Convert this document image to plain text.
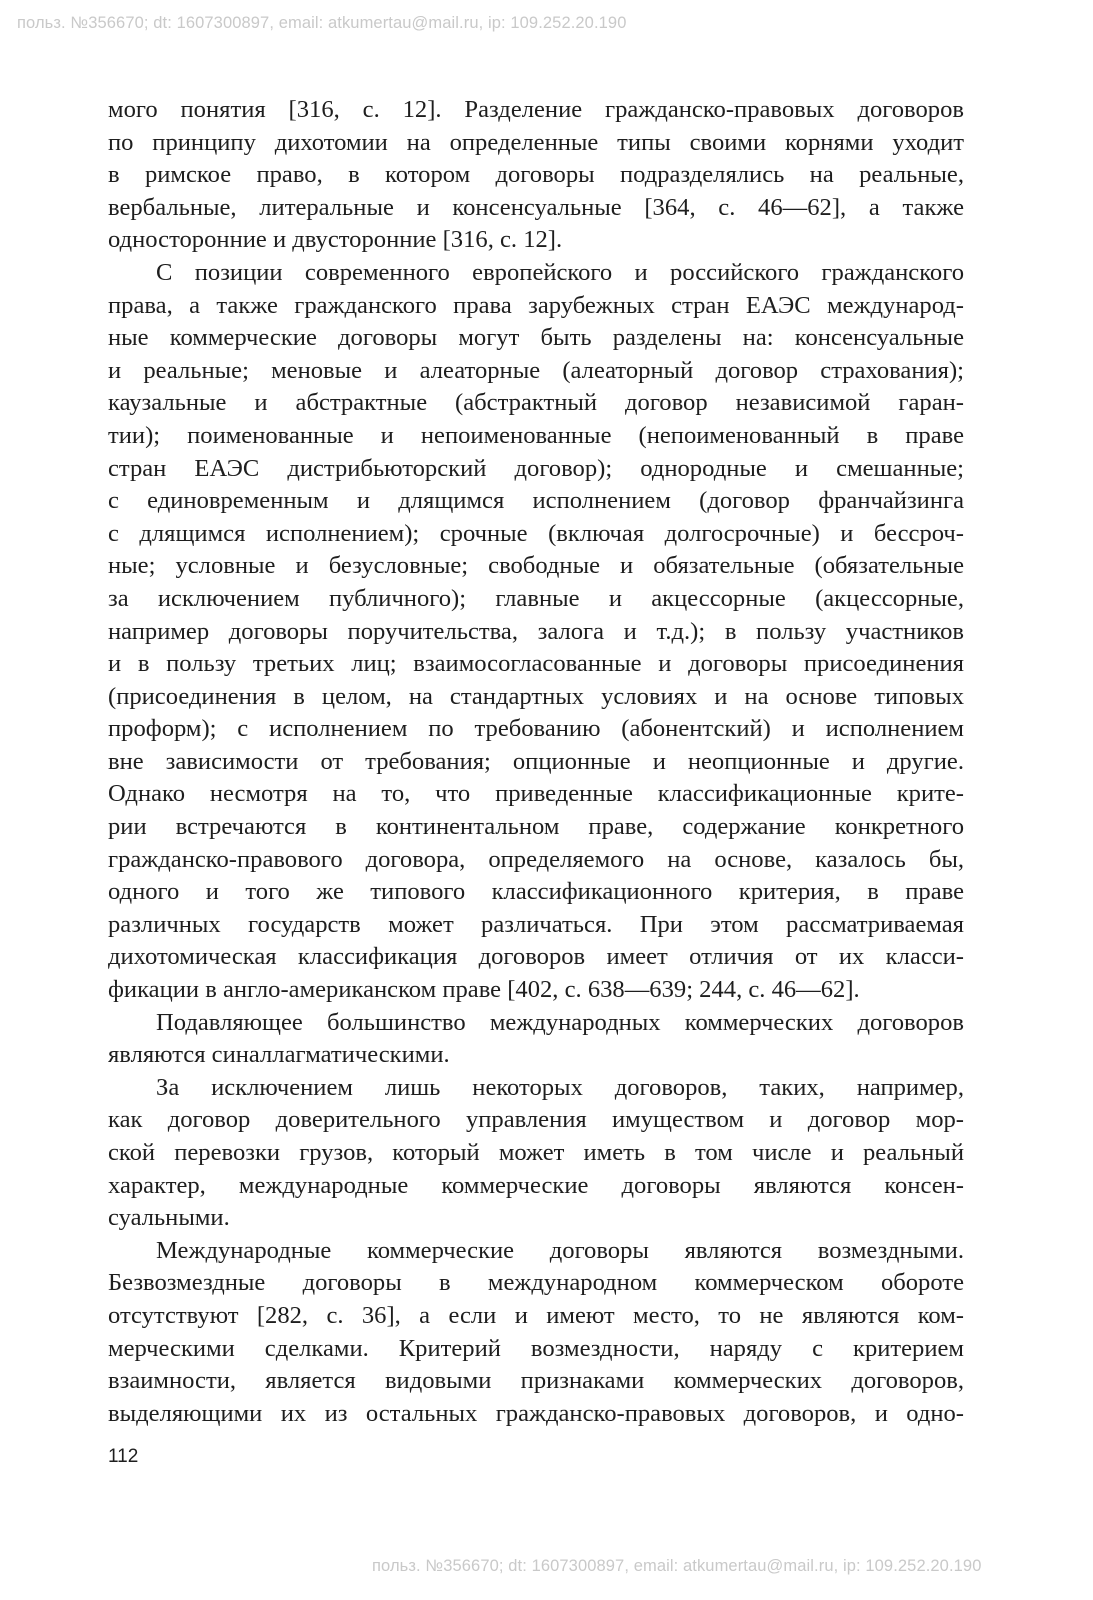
польз. №356670; dt: 1607300897, email: atkumertau@mail.ru, ip: 109.252.20.190
мого понятия [316, с. 12]. Разделение гражданско-правовых договоров
по принципу дихотомии на определенные типы своими корнями уходит
в римское право, в котором договоры подразделялись на реальные,
вербальные, литеральные и консенсуальные [364, с. 46—62], а также
односторонние и двусторонние [316, с. 12].
С позиции современного европейского и российского гражданского
права, а также гражданского права зарубежных стран ЕАЭС международ-
ные коммерческие договоры могут быть разделены на: консенсуальные
и реальные; меновые и алеаторные (алеаторный договор страхования);
каузальные и абстрактные (абстрактный договор независимой гаран-
тии); поименованные и непоименованные (непоименованный в праве
стран ЕАЭС дистрибьюторский договор); однородные и смешанные;
с единовременным и длящимся исполнением (договор франчайзинга
с длящимся исполнением); срочные (включая долгосрочные) и бессроч-
ные; условные и безусловные; свободные и обязательные (обязательные
за исключением публичного); главные и акцессорные (акцессорные,
например договоры поручительства, залога и т.д.); в пользу участников
и в пользу третьих лиц; взаимосогласованные и договоры присоединения
(присоединения в целом, на стандартных условиях и на основе типовых
проформ); с исполнением по требованию (абонентский) и исполнением
вне зависимости от требования; опционные и неопционные и другие.
Однако несмотря на то, что приведенные классификационные крите-
рии встречаются в континентальном праве, содержание конкретного
гражданско-правового договора, определяемого на основе, казалось бы,
одного и того же типового классификационного критерия, в праве
различных государств может различаться. При этом рассматриваемая
дихотомическая классификация договоров имеет отличия от их класси-
фикации в англо-американском праве [402, с. 638—639; 244, с. 46—62].
Подавляющее большинство международных коммерческих договоров
являются синаллагматическими.
За исключением лишь некоторых договоров, таких, например,
как договор доверительного управления имуществом и договор мор-
ской перевозки грузов, который может иметь в том числе и реальный
характер, международные коммерческие договоры являются консен-
суальными.
Международные коммерческие договоры являются возмездными.
Безвозмездные договоры в международном коммерческом обороте
отсутствуют [282, с. 36], а если и имеют место, то не являются ком-
мерческими сделками. Критерий возмездности, наряду с критерием
взаимности, является видовыми признаками коммерческих договоров,
выделяющими их из остальных гражданско-правовых договоров, и одно-
112
польз. №356670; dt: 1607300897, email: atkumertau@mail.ru, ip: 109.252.20.190
